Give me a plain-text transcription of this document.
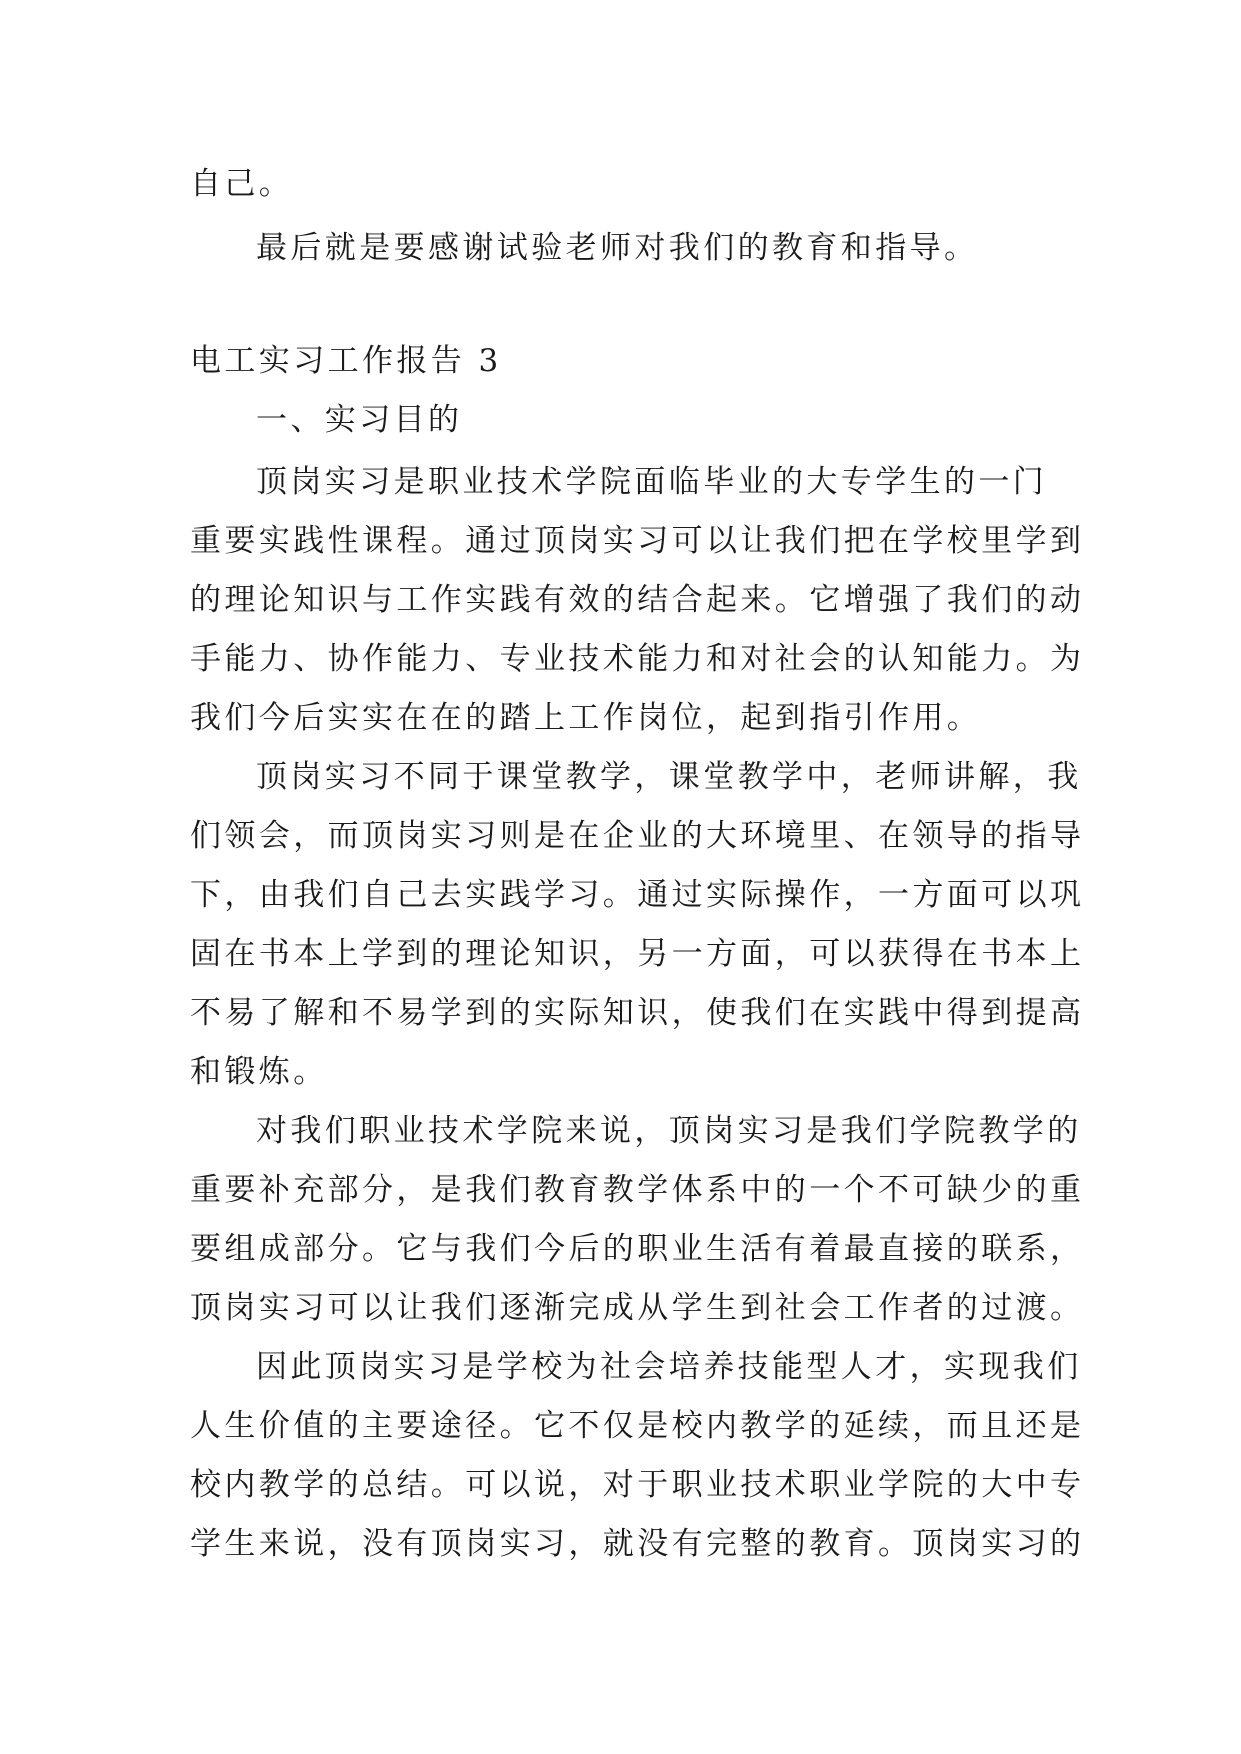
自己。
最后就是要感谢试验老师对我们的教育和指导。
电工实习工作报告 3
一、实习目的
顶岗实习是职业技术学院面临毕业的大专学生的一门
重要实践性课程。通过顶岗实习可以让我们把在学校里学到
的理论知识与工作实践有效的结合起来。它增强了我们的动
手能力、协作能力、专业技术能力和对社会的认知能力。为
我们今后实实在在的踏上工作岗位，起到指引作用。
顶岗实习不同于课堂教学，课堂教学中，老师讲解，我
们领会，而顶岗实习则是在企业的大环境里、在领导的指导
下，由我们自己去实践学习。通过实际操作，一方面可以巩
固在书本上学到的理论知识，另一方面，可以获得在书本上
不易了解和不易学到的实际知识，使我们在实践中得到提高
和锻炼。
对我们职业技术学院来说，顶岗实习是我们学院教学的
重要补充部分，是我们教育教学体系中的一个不可缺少的重
要组成部分。它与我们今后的职业生活有着最直接的联系，
顶岗实习可以让我们逐渐完成从学生到社会工作者的过渡。
因此顶岗实习是学校为社会培养技能型人才，实现我们
人生价值的主要途径。它不仅是校内教学的延续，而且还是
校内教学的总结。可以说，对于职业技术职业学院的大中专
学生来说，没有顶岗实习，就没有完整的教育。顶岗实习的
